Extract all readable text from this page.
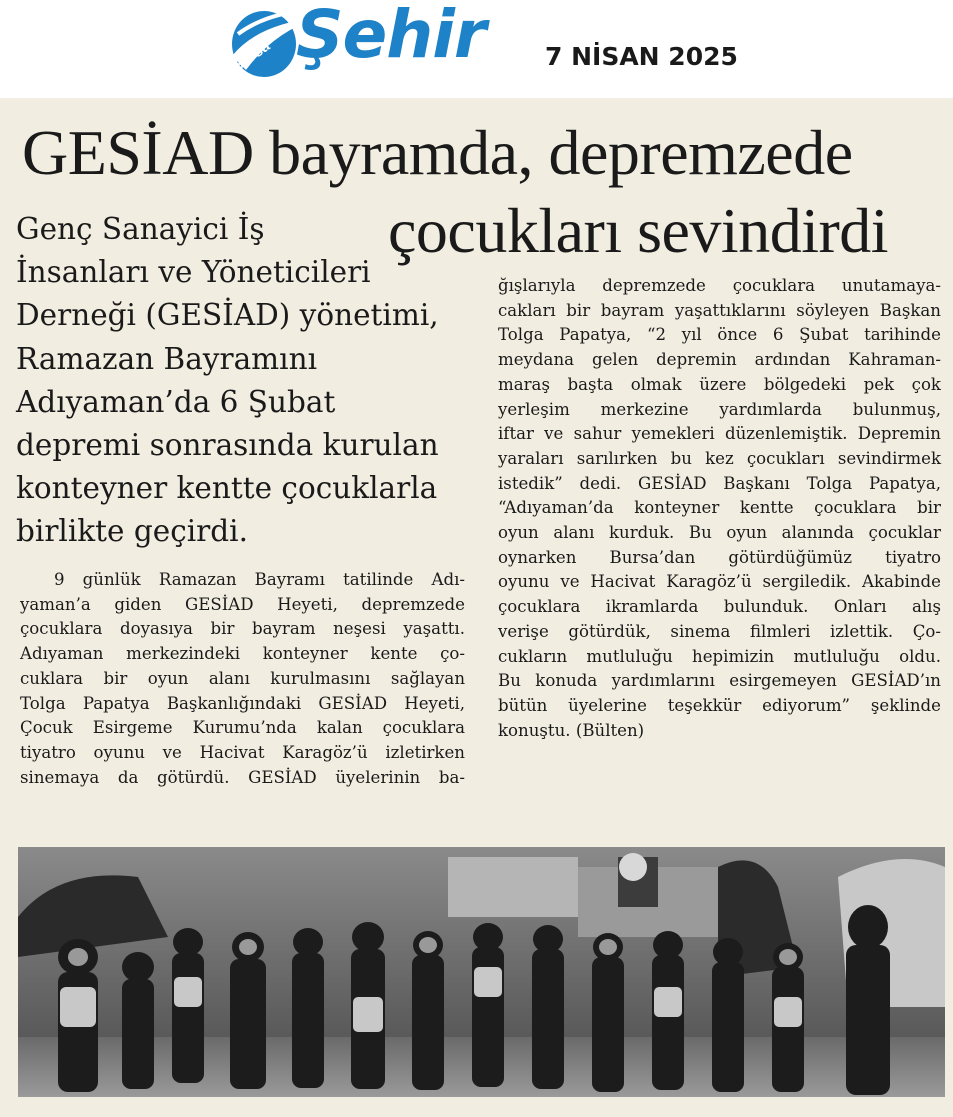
Bursa Şehir 7 NİSAN 2025
GESİAD bayramda, depremzede
çocukları sevindirdi
Genç Sanayici İş
İnsanları ve Yöneticileri
Derneği (GESİAD) yönetimi,
Ramazan Bayramını
Adıyaman’da 6 Şubat
depremi sonrasında kurulan
konteyner kentte çocuklarla
birlikte geçirdi.
9 günlük Ramazan Bayramı tatilinde Adı-
yaman’a giden GESİAD Heyeti, depremzede
çocuklara doyasıya bir bayram neşesi yaşattı.
Adıyaman merkezindeki konteyner kente ço-
cuklara bir oyun alanı kurulmasını sağlayan
Tolga Papatya Başkanlığındaki GESİAD Heyeti,
Çocuk Esirgeme Kurumu’nda kalan çocuklara
tiyatro oyunu ve Hacivat Karagöz’ü izletirken
sinemaya da götürdü. GESİAD üyelerinin ba-
ğışlarıyla depremzede çocuklara unutamaya-
cakları bir bayram yaşattıklarını söyleyen Başkan
Tolga Papatya, “2 yıl önce 6 Şubat tarihinde
meydana gelen depremin ardından Kahraman-
maraş başta olmak üzere bölgedeki pek çok
yerleşim merkezine yardımlarda bulunmuş,
iftar ve sahur yemekleri düzenlemiştik. Depremin
yaraları sarılırken bu kez çocukları sevindirmek
istedik” dedi. GESİAD Başkanı Tolga Papatya,
“Adıyaman’da konteyner kentte çocuklara bir
oyun alanı kurduk. Bu oyun alanında çocuklar
oynarken Bursa’dan götürdüğümüz tiyatro
oyunu ve Hacivat Karagöz’ü sergiledik. Akabinde
çocuklara ikramlarda bulunduk. Onları alış
verişe götürdük, sinema filmleri izlettik. Ço-
cukların mutluluğu hepimizin mutluluğu oldu.
Bu konuda yardımlarını esirgemeyen GESİAD’ın
bütün üyelerine teşekkür ediyorum” şeklinde
konuştu. (Bülten)
